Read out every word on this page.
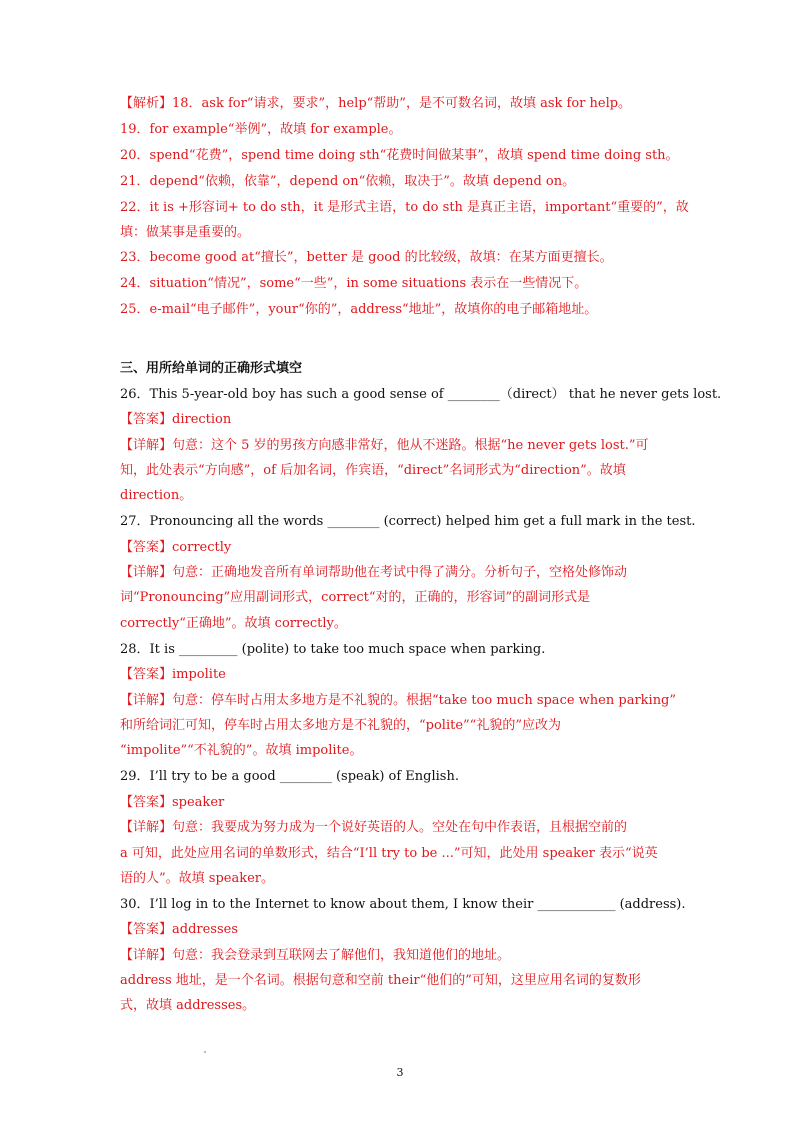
【解析】18．ask for“请求，要求”，help“帮助”，是不可数名词，故填 ask for help。
19．for example“举例”，故填 for example。
20．spend“花费”，spend time doing sth“花费时间做某事”，故填 spend time doing sth。
21．depend“依赖，依靠”，depend on“依赖，取决于”。故填 depend on。
22．it is +形容词+ to do sth，it 是形式主语，to do sth 是真正主语，important“重要的”，故
填：做某事是重要的。
23．become good at“擅长”，better 是 good 的比较级，故填：在某方面更擅长。
24．situation“情况”，some“一些”，in some situations 表示在一些情况下。
25．e-mail“电子邮件”，your“你的”，address“地址”，故填你的电子邮箱地址。
三、用所给单词的正确形式填空
26．This 5-year-old boy has such a good sense of ________（direct） that he never gets lost.
【答案】direction
【详解】句意：这个 5 岁的男孩方向感非常好，他从不迷路。根据“he never gets lost.”可
知，此处表示“方向感”，of 后加名词，作宾语，“direct”名词形式为“direction”。故填
direction。
27．Pronouncing all the words ________ (correct) helped him get a full mark in the test.
【答案】correctly
【详解】句意：正确地发音所有单词帮助他在考试中得了满分。分析句子，空格处修饰动
词“Pronouncing”应用副词形式，correct“对的，正确的，形容词”的副词形式是
correctly“正确地”。故填 correctly。
28．It is _________ (polite) to take too much space when parking.
【答案】impolite
【详解】句意：停车时占用太多地方是不礼貌的。根据“take too much space when parking”
和所给词汇可知，停车时占用太多地方是不礼貌的，“polite”“礼貌的”应改为
“impolite”“不礼貌的”。故填 impolite。
29．I’ll try to be a good ________ (speak) of English.
【答案】speaker
【详解】句意：我要成为努力成为一个说好英语的人。空处在句中作表语，且根据空前的
a 可知，此处应用名词的单数形式，结合“I’ll try to be ...”可知，此处用 speaker 表示“说英
语的人”。故填 speaker。
30．I’ll log in to the Internet to know about them, I know their ____________ (address).
【答案】addresses
【详解】句意：我会登录到互联网去了解他们，我知道他们的地址。
address 地址，是一个名词。根据句意和空前 their“他们的”可知，这里应用名词的复数形
式，故填 addresses。
3
